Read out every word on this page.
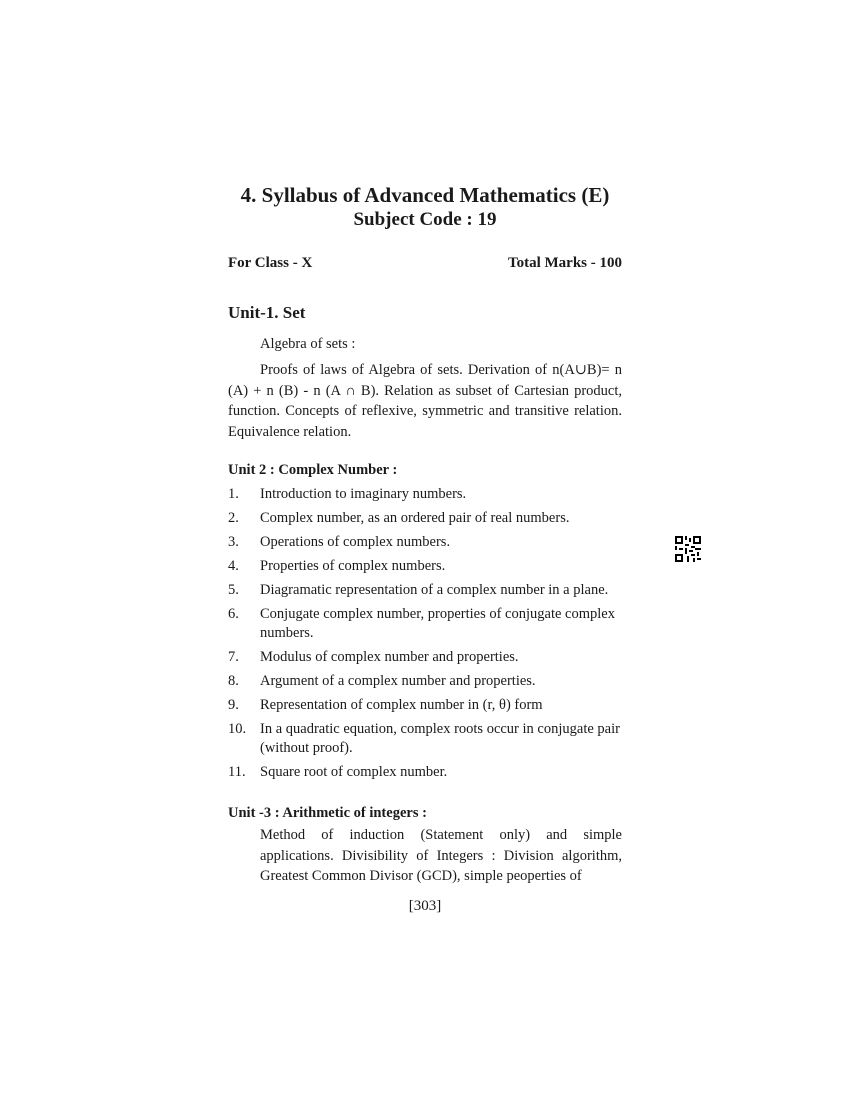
4. Syllabus of Advanced Mathematics (E)
Subject Code : 19
For Class - X	Total Marks - 100
Unit-1. Set
Algebra of sets :
Proofs of laws of Algebra of sets. Derivation of n(A∪B)= n (A) + n (B) - n (A ∩ B). Relation as subset of Cartesian product, function. Concepts of reflexive, symmetric and transitive relation. Equivalence relation.
Unit 2 : Complex Number :
1. Introduction to imaginary numbers.
2. Complex number, as an ordered pair of real numbers.
3. Operations of complex numbers.
4. Properties of complex numbers.
5. Diagramatic representation of a complex number in a plane.
6. Conjugate complex number, properties of conjugate complex numbers.
7. Modulus of complex number and properties.
8. Argument of a complex number and properties.
9. Representation of complex number in (r, θ) form
10. In a quadratic equation, complex roots occur in conjugate pair (without proof).
11. Square root of complex number.
Unit -3 : Arithmetic of integers :
Method of induction (Statement only) and simple applications. Divisibility of Integers : Division algorithm, Greatest Common Divisor (GCD), simple peoperties of
[303]
